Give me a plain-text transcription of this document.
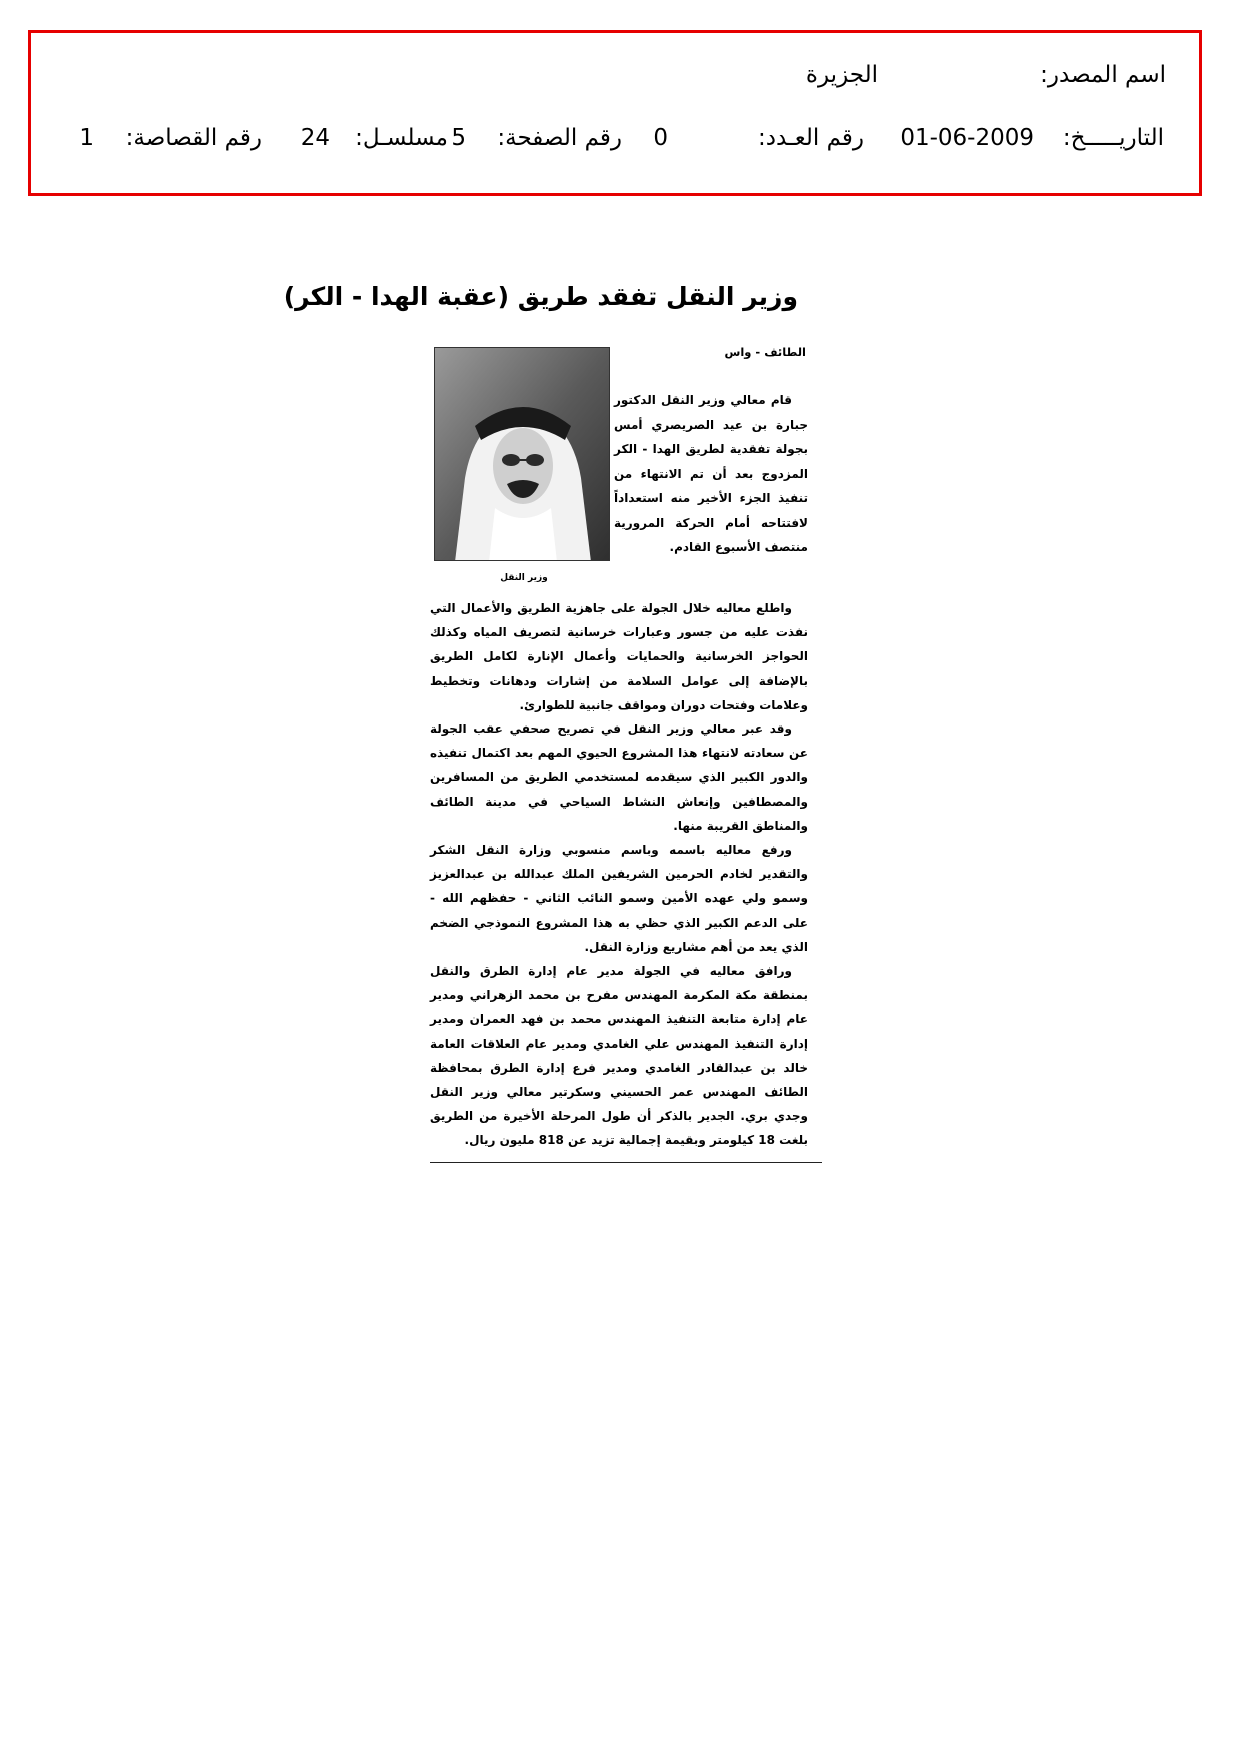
اسم المصدر:
الجزيرة
التاريـــــخ:
01-06-2009
رقم العـدد:
0
رقم الصفحة:
5
مسلسـل:
24
رقم القصاصة:
1
وزير النقل تفقد طريق (عقبة الهدا - الكر)
الطائف - واس
وزير النقل

قام معالي وزير النقل الدكتور جبارة بن عيد الصريصري أمس بجولة تفقدية لطريق الهدا - الكر المزدوج بعد أن تم الانتهاء من تنفيذ الجزء الأخير منه استعداداً لافتتاحه أمام الحركة المرورية منتصف الأسبوع القادم.

واطلع معاليه خلال الجولة على جاهزية الطريق والأعمال التي نفذت عليه من جسور وعبارات خرسانية لتصريف المياه وكذلك الحواجز الخرسانية والحمايات وأعمال الإنارة لكامل الطريق بالإضافة إلى عوامل السلامة من إشارات ودهانات وتخطيط وعلامات وفتحات دوران ومواقف جانبية للطوارئ.

وقد عبر معالي وزير النقل في تصريح صحفي عقب الجولة عن سعادته لانتهاء هذا المشروع الحيوي المهم بعد اكتمال تنفيذه والدور الكبير الذي سيقدمه لمستخدمي الطريق من المسافرين والمصطافين وإنعاش النشاط السياحي في مدينة الطائف والمناطق القريبة منها.

ورفع معاليه باسمه وباسم منسوبي وزارة النقل الشكر والتقدير لخادم الحرمين الشريفين الملك عبدالله بن عبدالعزيز وسمو ولي عهده الأمين وسمو النائب الثاني - حفظهم الله - على الدعم الكبير الذي حظي به هذا المشروع النموذجي الضخم الذي يعد من أهم مشاريع وزارة النقل.

ورافق معاليه في الجولة مدير عام إدارة الطرق والنقل بمنطقة مكة المكرمة المهندس مفرح بن محمد الزهراني ومدير عام إدارة متابعة التنفيذ المهندس محمد بن فهد العمران ومدير إدارة التنفيذ المهندس علي الغامدي ومدير عام العلاقات العامة خالد بن عبدالقادر الغامدي ومدير فرع إدارة الطرق بمحافظة الطائف المهندس عمر الحسيني وسكرتير معالي وزير النقل وجدي بري. الجدير بالذكر أن طول المرحلة الأخيرة من الطريق بلغت 18 كيلومتر وبقيمة إجمالية تزيد عن 818 مليون ريال.
